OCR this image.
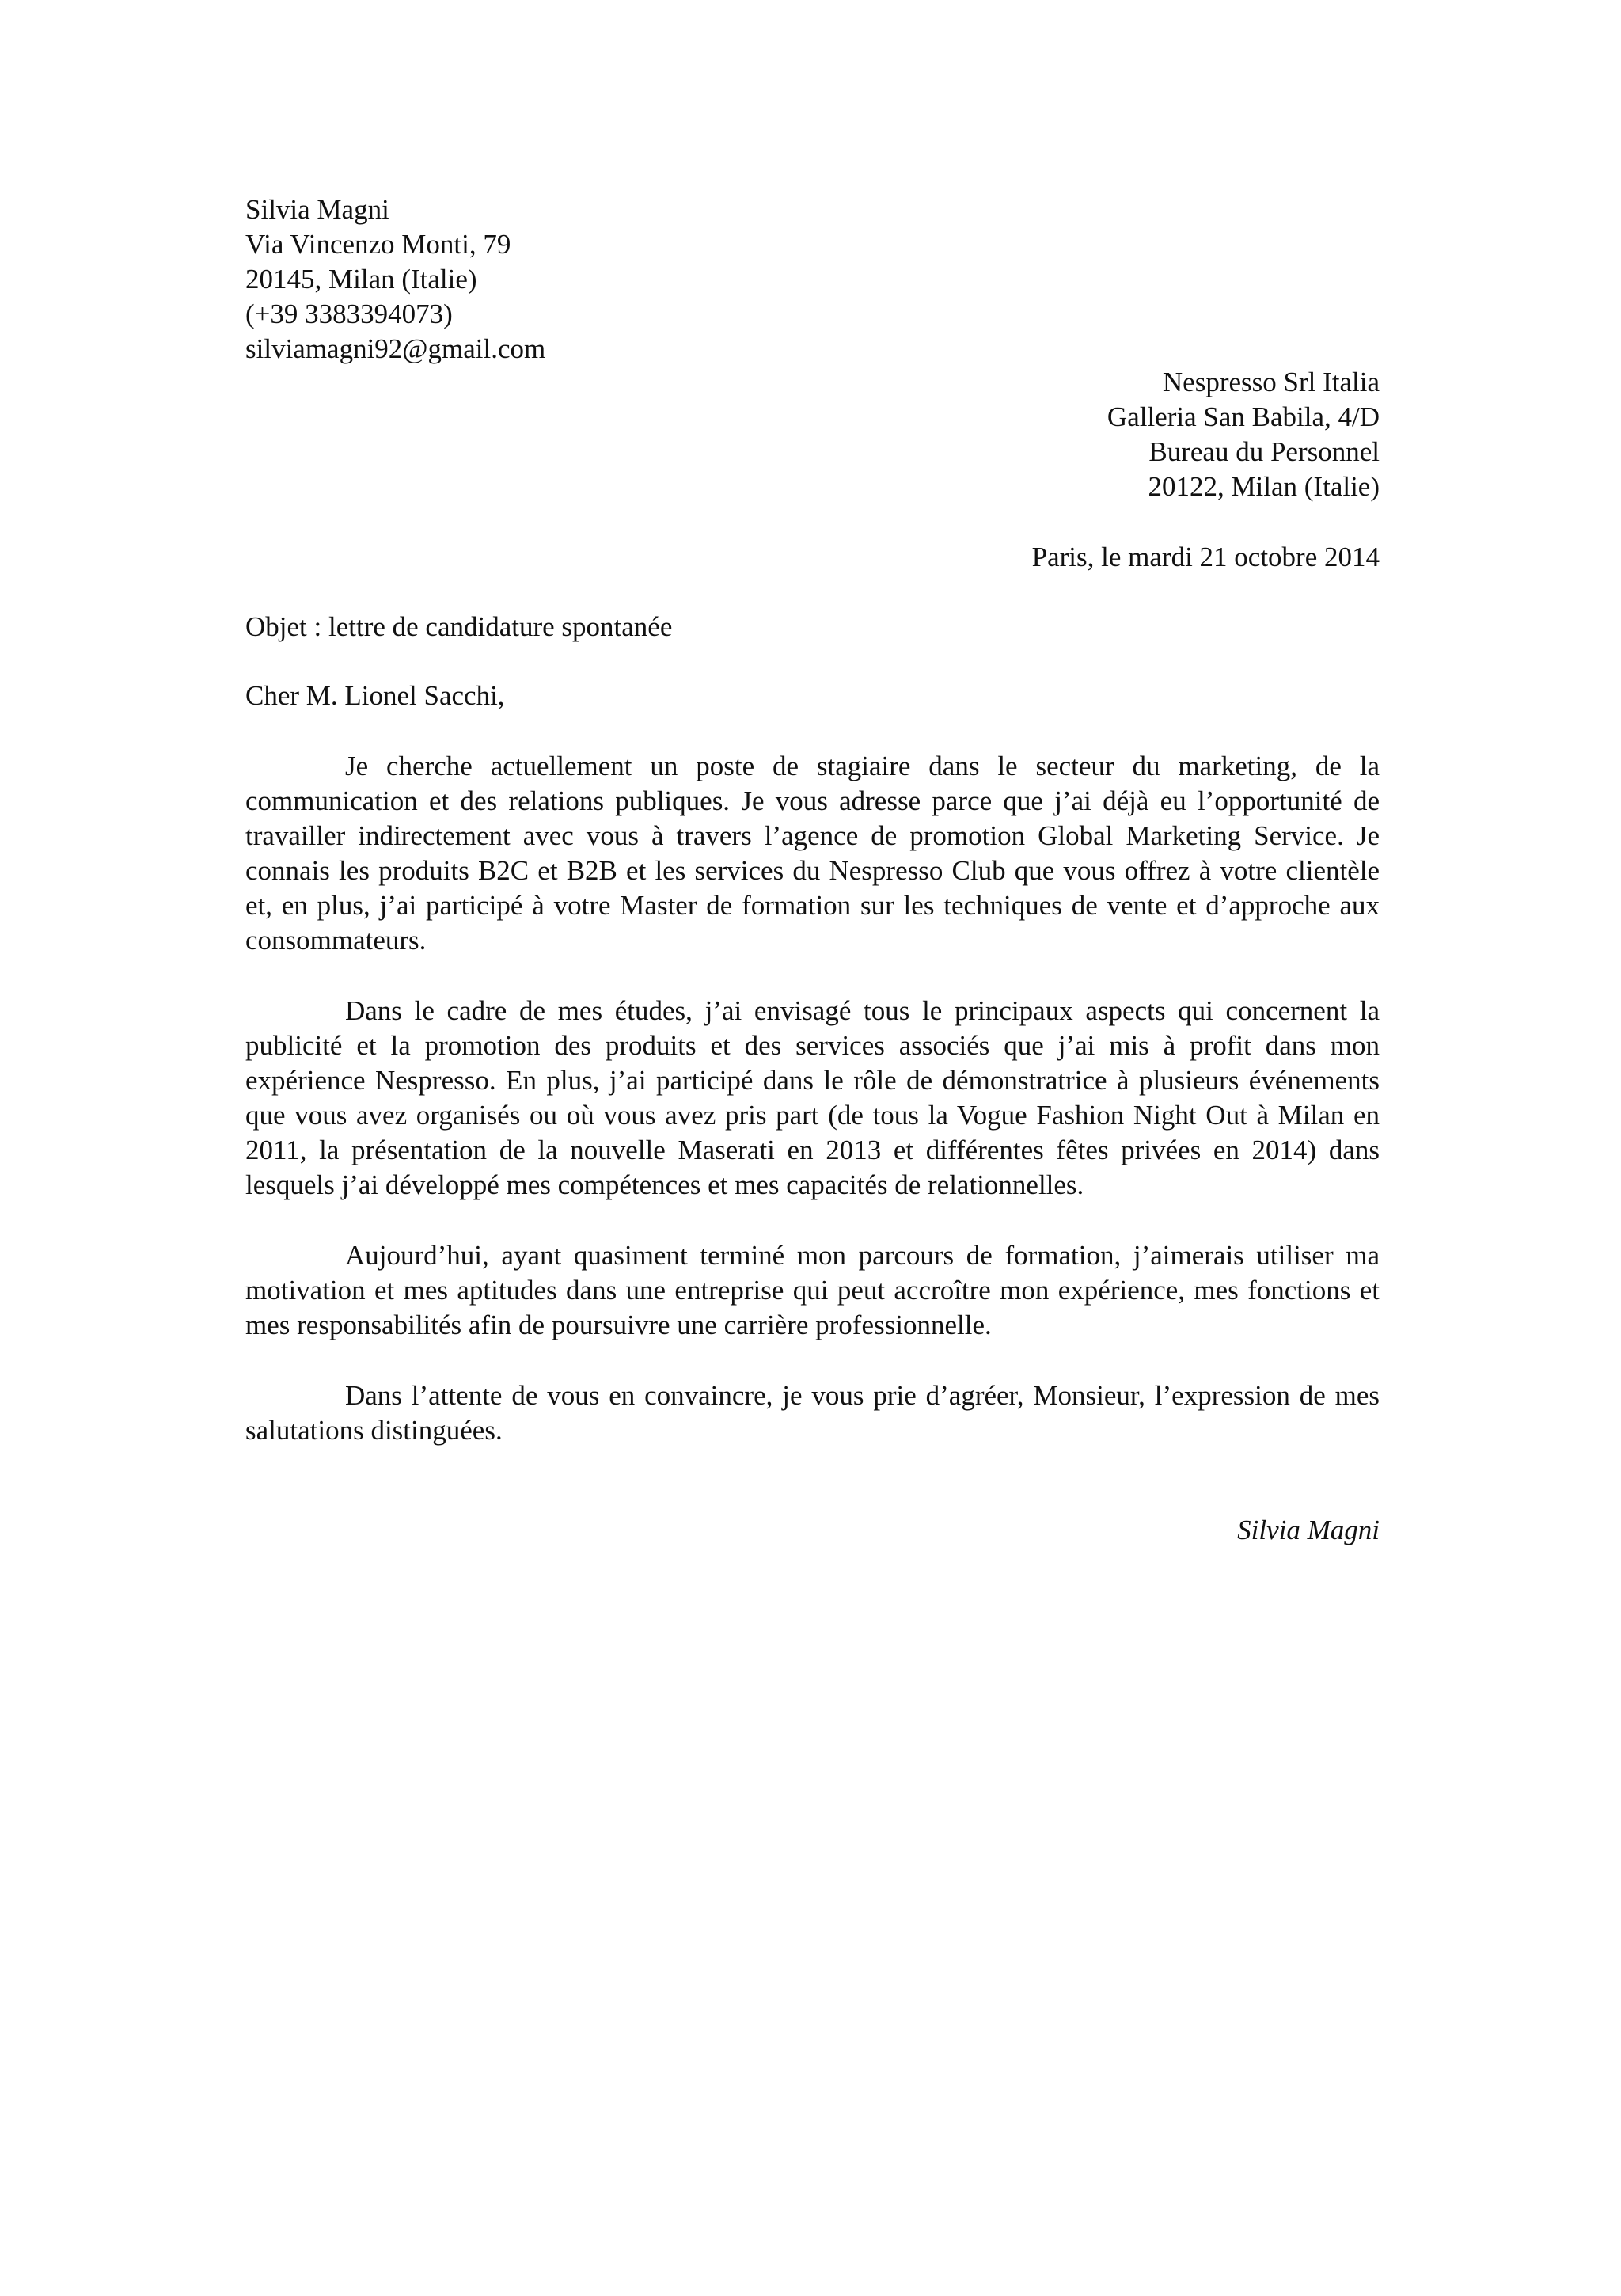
Silvia Magni
Via Vincenzo Monti, 79
20145, Milan (Italie)
(+39 3383394073)
silviamagni92@gmail.com
Nespresso Srl Italia
Galleria San Babila, 4/D
Bureau du Personnel
20122, Milan (Italie)
Paris, le mardi 21 octobre 2014
Objet : lettre de candidature spontanée
Cher M. Lionel Sacchi,

Je cherche actuellement un poste de stagiaire dans le secteur du marketing, de la communication et des relations publiques. Je vous adresse parce que j’ai déjà eu l’opportunité de travailler indirectement avec vous à travers l’agence de promotion Global Marketing Service. Je connais les produits B2C et B2B et les services du Nespresso Club que vous offrez à votre clientèle et, en plus, j’ai participé à votre Master de formation sur les techniques de vente et d’approche aux consommateurs.

Dans le cadre de mes études, j’ai envisagé tous le principaux aspects qui concernent la publicité et la promotion des produits et des services associés que j’ai mis à profit dans mon expérience Nespresso. En plus, j’ai participé dans le rôle de démonstratrice à plusieurs événements que vous avez organisés ou où vous avez pris part (de tous la Vogue Fashion Night Out à Milan en 2011, la présentation de la nouvelle Maserati en 2013 et différentes fêtes privées en 2014) dans lesquels j’ai développé mes compétences et mes capacités de relationnelles.

Aujourd’hui, ayant quasiment terminé mon parcours de formation, j’aimerais utiliser ma motivation et mes aptitudes dans une entreprise qui peut accroître mon expérience, mes fonctions et mes responsabilités afin de poursuivre une carrière professionnelle.

Dans l’attente de vous en convaincre, je vous prie d’agréer, Monsieur, l’expression de mes salutations distinguées.

Silvia Magni
